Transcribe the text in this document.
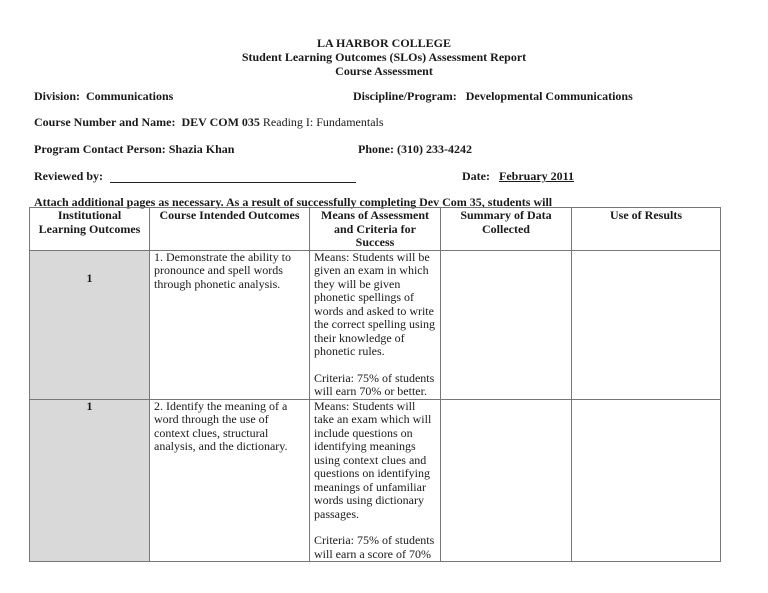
LA HARBOR COLLEGE
Student Learning Outcomes (SLOs) Assessment Report
Course Assessment
Division: Communications	Discipline/Program: Developmental Communications
Course Number and Name: DEV COM 035 Reading I: Fundamentals
Program Contact Person: Shazia Khan	Phone: (310) 233-4242
Reviewed by:	Date: February 2011
Attach additional pages as necessary. As a result of successfully completing Dev Com 35, students will
Institutional Learning Outcomes	Course Intended Outcomes	Means of Assessment and Criteria for Success	Summary of Data Collected	Use of Results

1	1. Demonstrate the ability to pronounce and spell words through phonetic analysis.	Means: Students will be given an exam in which they will be given phonetic spellings of words and asked to write the correct spelling using their knowledge of phonetic rules.
Criteria: 75% of students will earn 70% or better.		

1	2. Identify the meaning of a word through the use of context clues, structural analysis, and the dictionary.	Means: Students will take an exam which will include questions on identifying meanings using context clues and questions on identifying meanings of unfamiliar words using dictionary passages.
Criteria: 75% of students will earn a score of 70%		
